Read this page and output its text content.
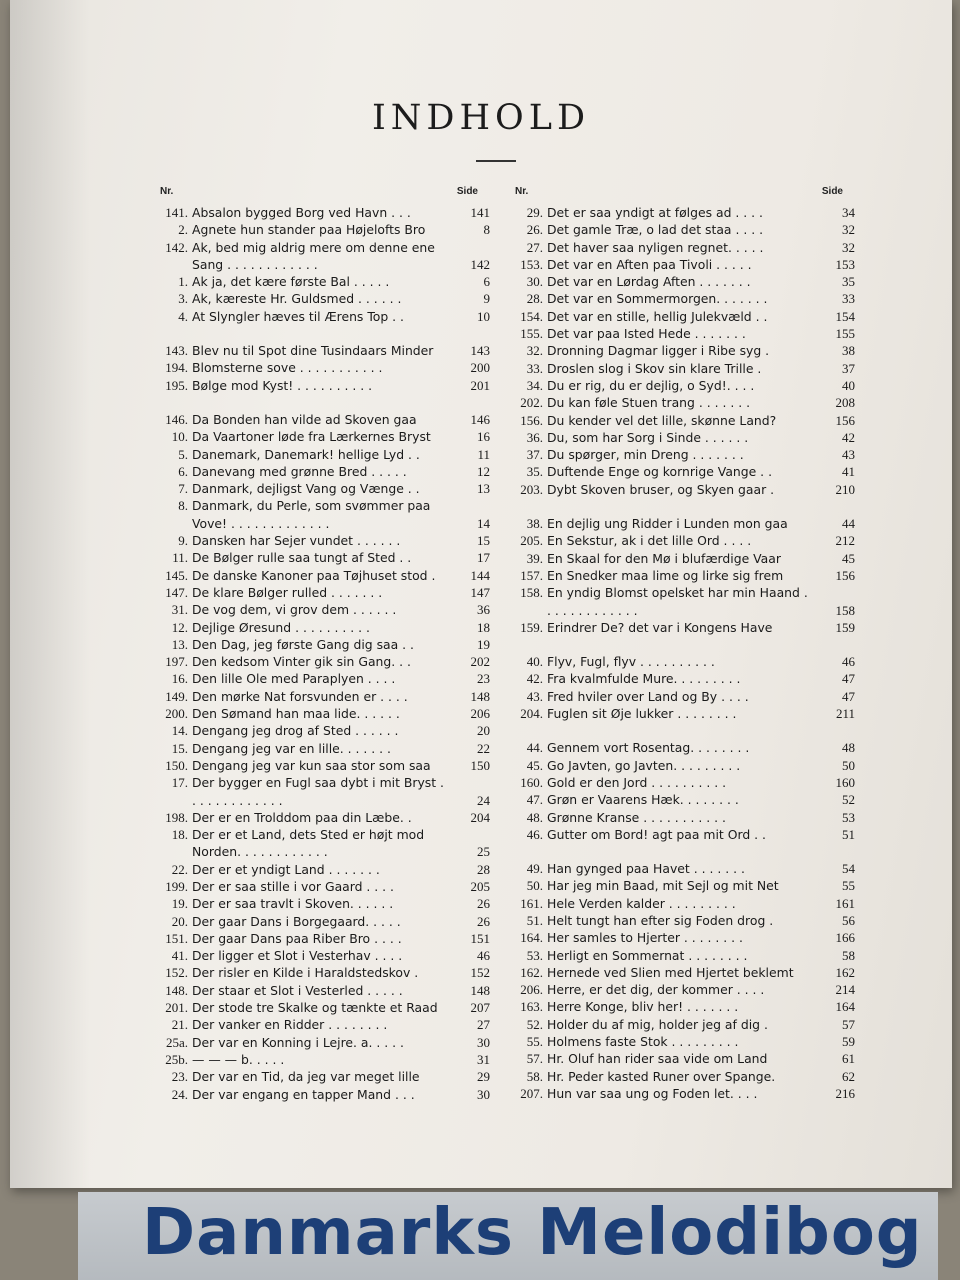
INDHOLD
Nr.	Side
141. Absalon bygged Borg ved Havn . . .	141
2. Agnete hun stander paa Højelofts Bro	8
142. Ak, bed mig aldrig mere om denne ene Sang . . . . . . . . . . . .	142
1. Ak ja, det kære første Bal . . . . .	6
3. Ak, kæreste Hr. Guldsmed . . . . . .	9
4. At Slyngler hæves til Ærens Top . .	10
143. Blev nu til Spot dine Tusindaars Minder	143
194. Blomsterne sove . . . . . . . . . . .	200
195. Bølge mod Kyst! . . . . . . . . . .	201
146. Da Bonden han vilde ad Skoven gaa	146
10. Da Vaartoner løde fra Lærkernes Bryst	16
5. Danemark, Danemark! hellige Lyd . .	11
6. Danevang med grønne Bred . . . . .	12
7. Danmark, dejligst Vang og Vænge . .	13
8. Danmark, du Perle, som svømmer paa Vove! . . . . . . . . . . . . .	14
9. Dansken har Sejer vundet . . . . . .	15
11. De Bølger rulle saa tungt af Sted . .	17
145. De danske Kanoner paa Tøjhuset stod .	144
147. De klare Bølger rulled . . . . . . .	147
31. De vog dem, vi grov dem . . . . . .	36
12. Dejlige Øresund . . . . . . . . . .	18
13. Den Dag, jeg første Gang dig saa . .	19
197. Den kedsom Vinter gik sin Gang. . .	202
16. Den lille Ole med Paraplyen . . . .	23
149. Den mørke Nat forsvunden er . . . .	148
200. Den Sømand han maa lide. . . . . .	206
14. Dengang jeg drog af Sted . . . . . .	20
15. Dengang jeg var en lille. . . . . . .	22
150. Dengang jeg var kun saa stor som saa	150
17. Der bygger en Fugl saa dybt i mit Bryst . . . . . . . . . . . . .	24
198. Der er en Trolddom paa din Læbe. .	204
18. Der er et Land, dets Sted er højt mod Norden. . . . . . . . . . . .	25
22. Der er et yndigt Land . . . . . . .	28
199. Der er saa stille i vor Gaard . . . .	205
19. Der er saa travlt i Skoven. . . . . .	26
20. Der gaar Dans i Borgegaard. . . . .	26
151. Der gaar Dans paa Riber Bro . . . .	151
41. Der ligger et Slot i Vesterhav . . . .	46
152. Der risler en Kilde i Haraldstedskov .	152
148. Der staar et Slot i Vesterled . . . . .	148
201. Der stode tre Skalke og tænkte et Raad	207
21. Der vanker en Ridder . . . . . . . .	27
25a. Der var en Konning i Lejre. a. . . . .	30
25b. — — — b. . . . .	31
23. Der var en Tid, da jeg var meget lille	29
24. Der var engang en tapper Mand . . .	30
Nr.	Side
29. Det er saa yndigt at følges ad . . . .	34
26. Det gamle Træ, o lad det staa . . . .	32
27. Det haver saa nyligen regnet. . . . .	32
153. Det var en Aften paa Tivoli . . . . .	153
30. Det var en Lørdag Aften . . . . . . .	35
28. Det var en Sommermorgen. . . . . . .	33
154. Det var en stille, hellig Julekvæld . .	154
155. Det var paa Isted Hede . . . . . . .	155
32. Dronning Dagmar ligger i Ribe syg .	38
33. Droslen slog i Skov sin klare Trille .	37
34. Du er rig, du er dejlig, o Syd!. . . .	40
202. Du kan føle Stuen trang . . . . . . .	208
156. Du kender vel det lille, skønne Land?	156
36. Du, som har Sorg i Sinde . . . . . .	42
37. Du spørger, min Dreng . . . . . . .	43
35. Duftende Enge og kornrige Vange . .	41
203. Dybt Skoven bruser, og Skyen gaar .	210
38. En dejlig ung Ridder i Lunden mon gaa	44
205. En Sekstur, ak i det lille Ord . . . .	212
39. En Skaal for den Mø i blufærdige Vaar	45
157. En Snedker maa lime og lirke sig frem	156
158. En yndig Blomst opelsket har min Haand . . . . . . . . . . . . .	158
159. Erindrer De? det var i Kongens Have	159
40. Flyv, Fugl, flyv . . . . . . . . . .	46
42. Fra kvalmfulde Mure. . . . . . . . .	47
43. Fred hviler over Land og By . . . .	47
204. Fuglen sit Øje lukker . . . . . . . .	211
44. Gennem vort Rosentag. . . . . . . .	48
45. Go Javten, go Javten. . . . . . . . .	50
160. Gold er den Jord . . . . . . . . . .	160
47. Grøn er Vaarens Hæk. . . . . . . .	52
48. Grønne Kranse . . . . . . . . . . .	53
46. Gutter om Bord! agt paa mit Ord . .	51
49. Han gynged paa Havet . . . . . . .	54
50. Har jeg min Baad, mit Sejl og mit Net	55
161. Hele Verden kalder . . . . . . . . .	161
51. Helt tungt han efter sig Foden drog .	56
164. Her samles to Hjerter . . . . . . . .	166
53. Herligt en Sommernat . . . . . . . .	58
162. Hernede ved Slien med Hjertet beklemt	162
206. Herre, er det dig, der kommer . . . .	214
163. Herre Konge, bliv her! . . . . . . .	164
52. Holder du af mig, holder jeg af dig .	57
55. Holmens faste Stok . . . . . . . . .	59
57. Hr. Oluf han rider saa vide om Land	61
58. Hr. Peder kasted Runer over Spange.	62
207. Hun var saa ung og Foden let. . . .	216
Danmarks Melodibog
